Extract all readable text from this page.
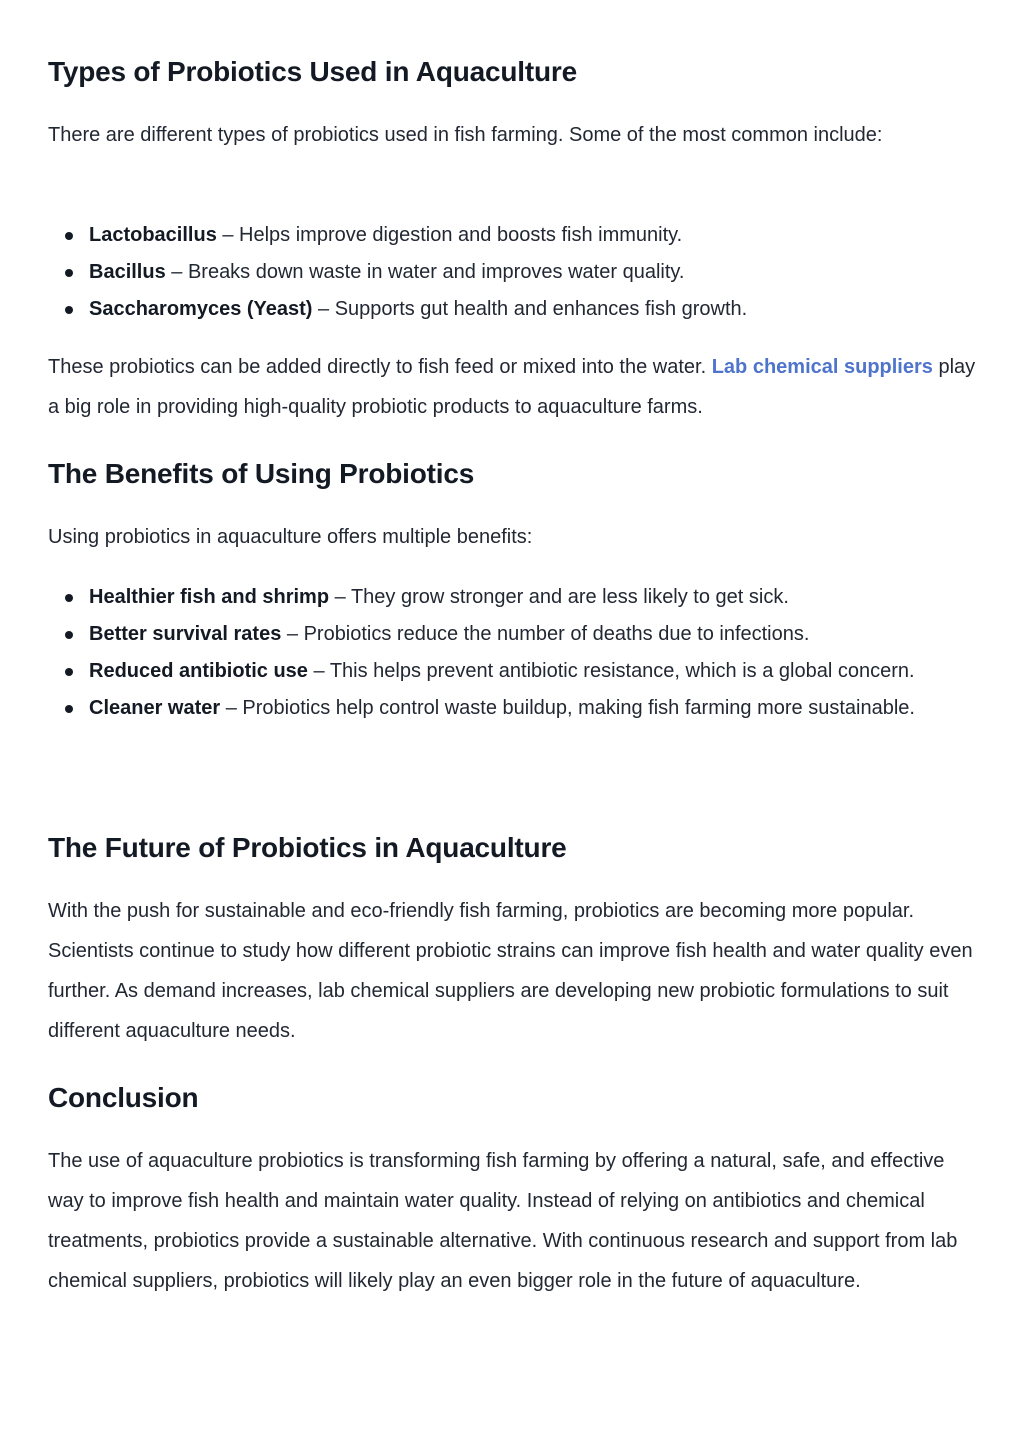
Types of Probiotics Used in Aquaculture

There are different types of probiotics used in fish farming. Some of the most common include:

Lactobacillus – Helps improve digestion and boosts fish immunity.
Bacillus – Breaks down waste in water and improves water quality.
Saccharomyces (Yeast) – Supports gut health and enhances fish growth.

These probiotics can be added directly to fish feed or mixed into the water. Lab chemical suppliers play a big role in providing high-quality probiotic products to aquaculture farms.

The Benefits of Using Probiotics

Using probiotics in aquaculture offers multiple benefits:

Healthier fish and shrimp – They grow stronger and are less likely to get sick.
Better survival rates – Probiotics reduce the number of deaths due to infections.
Reduced antibiotic use – This helps prevent antibiotic resistance, which is a global concern.
Cleaner water – Probiotics help control waste buildup, making fish farming more sustainable.
The Future of Probiotics in Aquaculture

With the push for sustainable and eco-friendly fish farming, probiotics are becoming more popular. Scientists continue to study how different probiotic strains can improve fish health and water quality even further. As demand increases, lab chemical suppliers are developing new probiotic formulations to suit different aquaculture needs.

Conclusion

The use of aquaculture probiotics is transforming fish farming by offering a natural, safe, and effective way to improve fish health and maintain water quality. Instead of relying on antibiotics and chemical treatments, probiotics provide a sustainable alternative. With continuous research and support from lab chemical suppliers, probiotics will likely play an even bigger role in the future of aquaculture.
